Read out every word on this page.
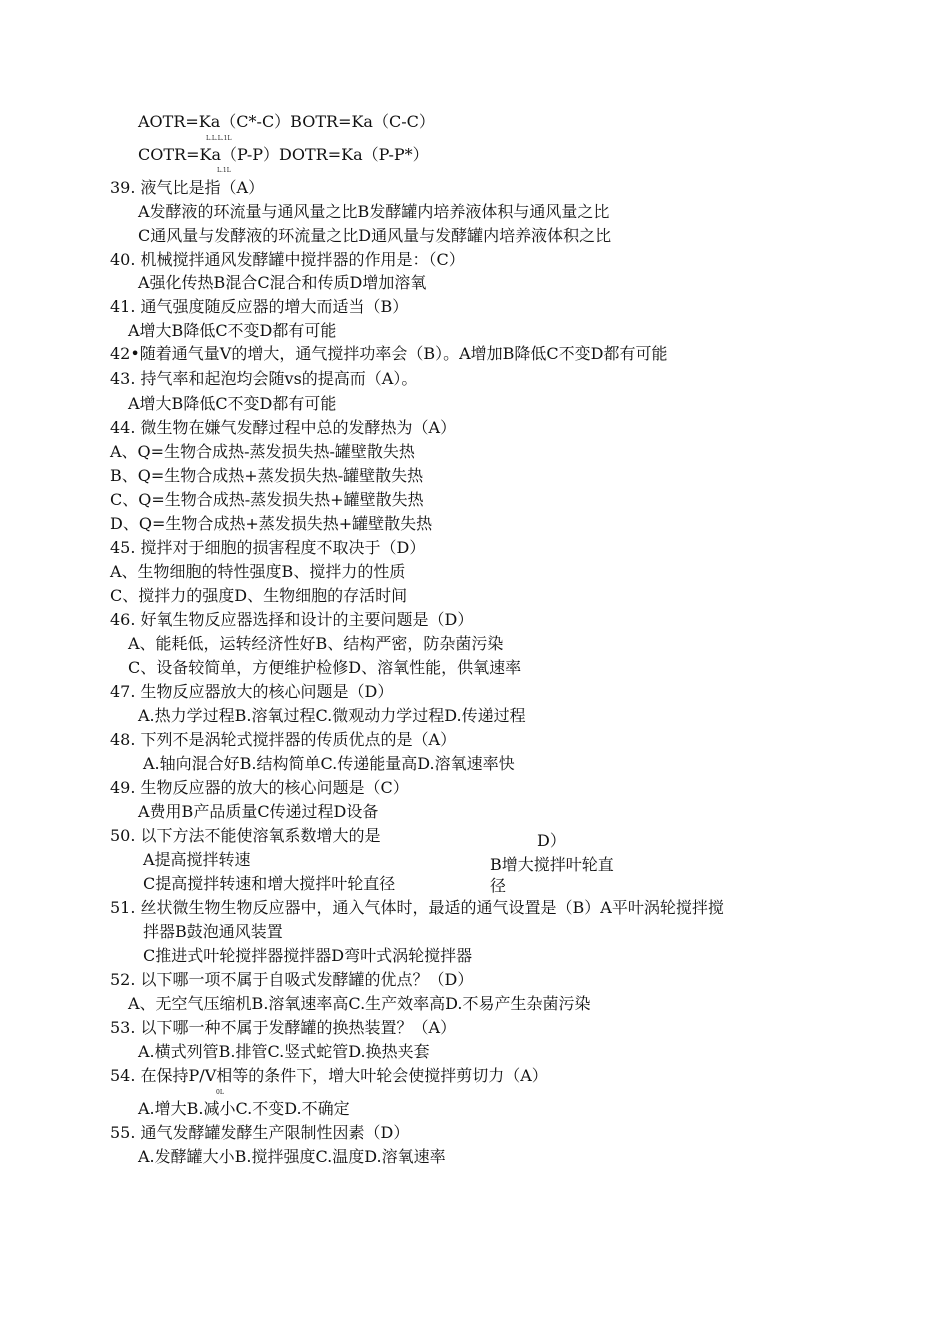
AOTR=Ka（C*-C）BOTR=Ka（C-C）
L.L.L.1L
COTR=Ka（P-P）DOTR=Ka（P-P*）
L.1L
39. 液气比是指（A）
A发酵液的环流量与通风量之比B发酵罐内培养液体积与通风量之比
C通风量与发酵液的环流量之比D通风量与发酵罐内培养液体积之比
40. 机械搅拌通风发酵罐中搅拌器的作用是：（C）
A强化传热B混合C混合和传质D增加溶氧
41. 通气强度随反应器的增大而适当（B）
A增大B降低C不变D都有可能
42•随着通气量V的增大，通气搅拌功率会（B）。A增加B降低C不变D都有可能
43. 持气率和起泡均会随vs的提高而（A）。
A增大B降低C不变D都有可能
44. 微生物在嫌气发酵过程中总的发酵热为（A）
A、Q=生物合成热-蒸发损失热-罐壁散失热
B、Q=生物合成热+蒸发损失热-罐壁散失热
C、Q=生物合成热-蒸发损失热+罐壁散失热
D、Q=生物合成热+蒸发损失热+罐壁散失热
45. 搅拌对于细胞的损害程度不取决于（D）
A、生物细胞的特性强度B、搅拌力的性质
C、搅拌力的强度D、生物细胞的存活时间
46. 好氧生物反应器选择和设计的主要问题是（D）
A、能耗低，运转经济性好B、结构严密，防杂菌污染
C、设备较简单，方便维护检修D、溶氧性能，供氧速率
47. 生物反应器放大的核心问题是（D）
A.热力学过程B.溶氧过程C.微观动力学过程D.传递过程
48. 下列不是涡轮式搅拌器的传质优点的是（A）
A.轴向混合好B.结构简单C.传递能量高D.溶氧速率快
49. 生物反应器的放大的核心问题是（C）
A费用B产品质量C传递过程D设备
50. 以下方法不能使溶氧系数增大的是	D）
A提高搅拌转速	B增大搅拌叶轮直
C提高搅拌转速和增大搅拌叶轮直径	径
51. 丝状微生物生物反应器中，通入气体时，最适的通气设置是（B）A平叶涡轮搅拌搅
拌器B鼓泡通风装置
C推进式叶轮搅拌器搅拌器D弯叶式涡轮搅拌器
52. 以下哪一项不属于自吸式发酵罐的优点？（D）
A、无空气压缩机B.溶氧速率高C.生产效率高D.不易产生杂菌污染
53. 以下哪一种不属于发酵罐的换热装置？（A）
A.横式列管B.排管C.竖式蛇管D.换热夹套
54. 在保持P/V相等的条件下，增大叶轮会使搅拌剪切力（A）
0L
A.增大B.减小C.不变D.不确定
55. 通气发酵罐发酵生产限制性因素（D）
A.发酵罐大小B.搅拌强度C.温度D.溶氧速率
